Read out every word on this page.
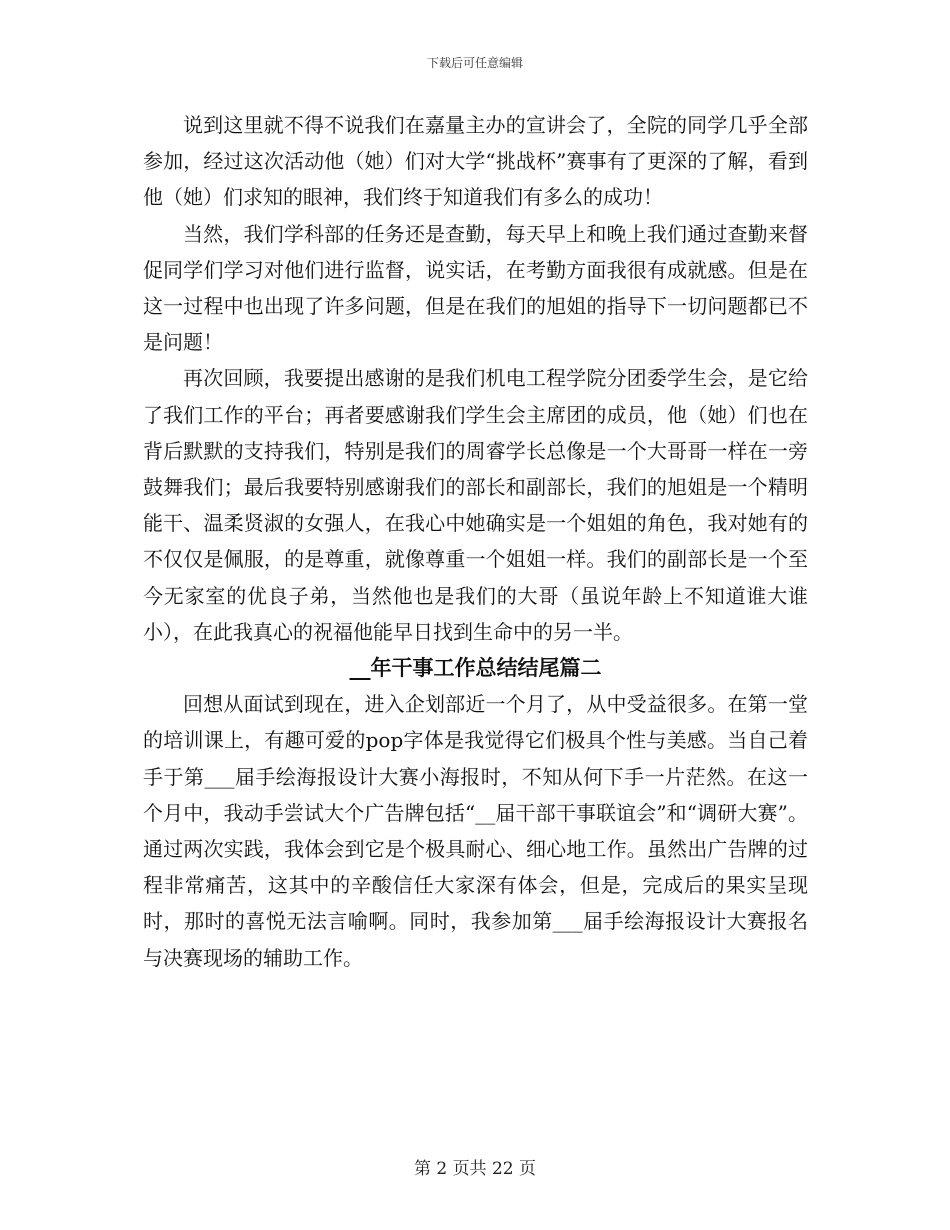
下载后可任意编辑

说到这里就不得不说我们在嘉量主办的宣讲会了，全院的同学几乎全部参加，经过这次活动他（她）们对大学“挑战杯”赛事有了更深的了解，看到他（她）们求知的眼神，我们终于知道我们有多么的成功！

当然，我们学科部的任务还是查勤，每天早上和晚上我们通过查勤来督促同学们学习对他们进行监督，说实话，在考勤方面我很有成就感。但是在这一过程中也出现了许多问题，但是在我们的旭姐的指导下一切问题都已不是问题！

再次回顾，我要提出感谢的是我们机电工程学院分团委学生会，是它给了我们工作的平台；再者要感谢我们学生会主席团的成员，他（她）们也在背后默默的支持我们，特别是我们的周睿学长总像是一个大哥哥一样在一旁鼓舞我们；最后我要特别感谢我们的部长和副部长，我们的旭姐是一个精明能干、温柔贤淑的女强人，在我心中她确实是一个姐姐的角色，我对她有的不仅仅是佩服，的是尊重，就像尊重一个姐姐一样。我们的副部长是一个至今无家室的优良子弟，当然他也是我们的大哥（虽说年龄上不知道谁大谁小），在此我真心的祝福他能早日找到生命中的另一半。

__年干事工作总结结尾篇二

回想从面试到现在，进入企划部近一个月了，从中受益很多。在第一堂的培训课上，有趣可爱的pop字体是我觉得它们极具个性与美感。当自己着手于第___届手绘海报设计大赛小海报时，不知从何下手一片茫然。在这一个月中，我动手尝试大个广告牌包括“__届干部干事联谊会”和“调研大赛”。通过两次实践，我体会到它是个极具耐心、细心地工作。虽然出广告牌的过程非常痛苦，这其中的辛酸信任大家深有体会，但是，完成后的果实呈现时，那时的喜悦无法言喻啊。同时，我参加第___届手绘海报设计大赛报名与决赛现场的辅助工作。

第 2 页共 22 页
